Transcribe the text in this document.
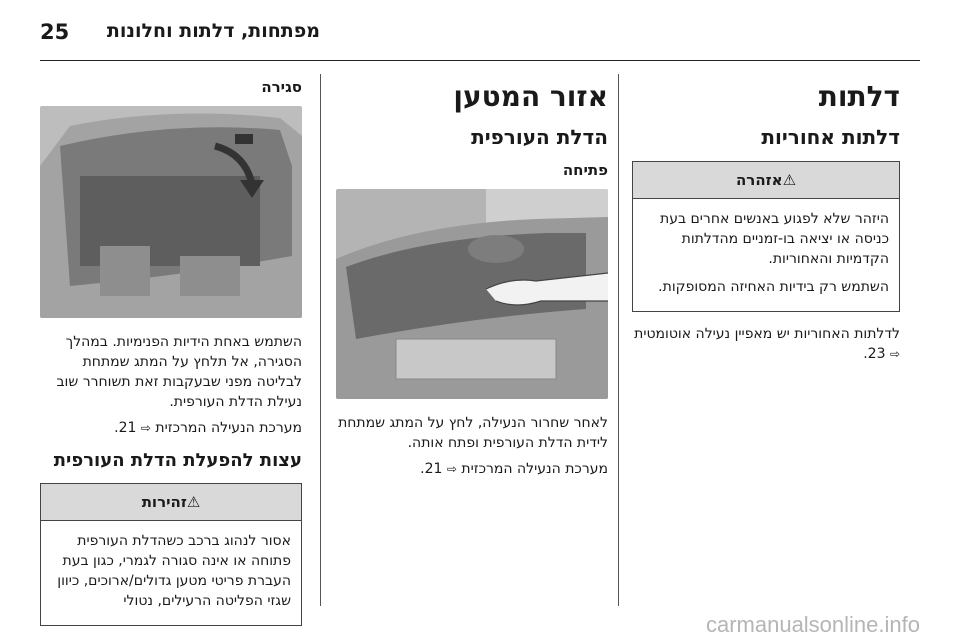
25 מפתחות, דלתות וחלונות
דלתות
דלתות אחוריות
⚠אזהרה

היזהר שלא לפגוע באנשים אחרים בעת כניסה או יציאה בו-זמניים מהדלתות הקדמיות והאחוריות.

השתמש רק בידיות האחיזה המסופקות.

לדלתות האחוריות יש מאפיין נעילה אוטומטית ⇨ 23.

אזור המטען
הדלת העורפית
פתיחה

לאחר שחרור הנעילה, לחץ על המתג שמתחת לידית הדלת העורפית ופתח אותה.

מערכת הנעילה המרכזית ⇨ 21.

סגירה

השתמש באחת הידיות הפנימיות. במהלך הסגירה, אל תלחץ על המתג שמתחת לבליטה מפני שבעקבות זאת תשוחרר שוב נעילת הדלת העורפית.

מערכת הנעילה המרכזית ⇨ 21.

עצות להפעלת הדלת העורפית
⚠זהירות

אסור לנהוג ברכב כשהדלת העורפית פתוחה או אינה סגורה לגמרי, כגון בעת העברת פריטי מטען גדולים/ארוכים, כיוון שגזי הפליטה הרעילים, נטולי

carmanualsonline.info
